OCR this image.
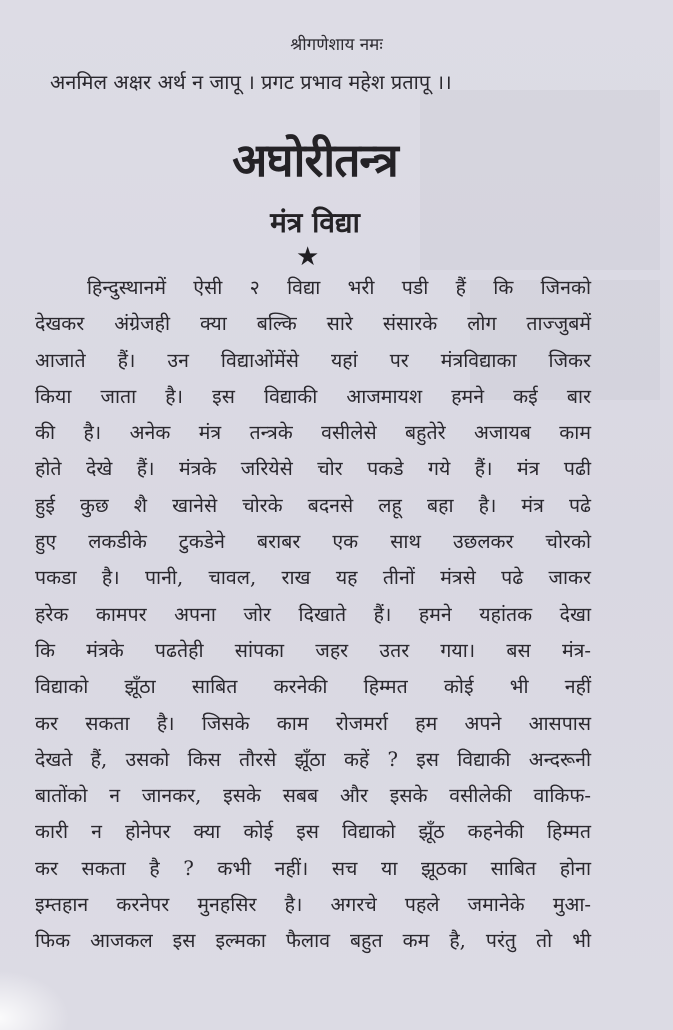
श्रीगणेशाय नमः
अनमिल अक्षर अर्थ न जापू । प्रगट प्रभाव महेश प्रतापू ।।
अघोरीतन्त्र
मंत्र विद्या
★
हिन्दुस्थानमें ऐसी २ विद्या भरी पडी हैं कि जिनको
देखकर अंग्रेजही क्या बल्कि सारे संसारके लोग ताज्जुबमें
आजाते हैं। उन विद्याओंमेंसे यहां पर मंत्रविद्याका जिकर
किया जाता है। इस विद्याकी आजमायश हमने कई बार
की है। अनेक मंत्र तन्त्रके वसीलेसे बहुतेरे अजायब काम
होते देखे हैं। मंत्रके जरियेसे चोर पकडे गये हैं। मंत्र पढी
हुई कुछ शै खानेसे चोरके बदनसे लहू बहा है। मंत्र पढे
हुए लकडीके टुकडेने बराबर एक साथ उछलकर चोरको
पकडा है। पानी, चावल, राख यह तीनों मंत्रसे पढे जाकर
हरेक कामपर अपना जोर दिखाते हैं। हमने यहांतक देखा
कि मंत्रके पढतेही सांपका जहर उतर गया। बस मंत्र-
विद्याको झूँठा साबित करनेकी हिम्मत कोई भी नहीं
कर सकता है। जिसके काम रोजमर्रा हम अपने आसपास
देखते हैं, उसको किस तौरसे झूँठा कहें ? इस विद्याकी अन्दरूनी
बातोंको न जानकर, इसके सबब और इसके वसीलेकी वाकिफ-
कारी न होनेपर क्या कोई इस विद्याको झूँठ कहनेकी हिम्मत
कर सकता है ? कभी नहीं। सच या झूठका साबित होना
इम्तहान करनेपर मुनहसिर है। अगरचे पहले जमानेके मुआ-
फिक आजकल इस इल्मका फैलाव बहुत कम है, परंतु तो भी
